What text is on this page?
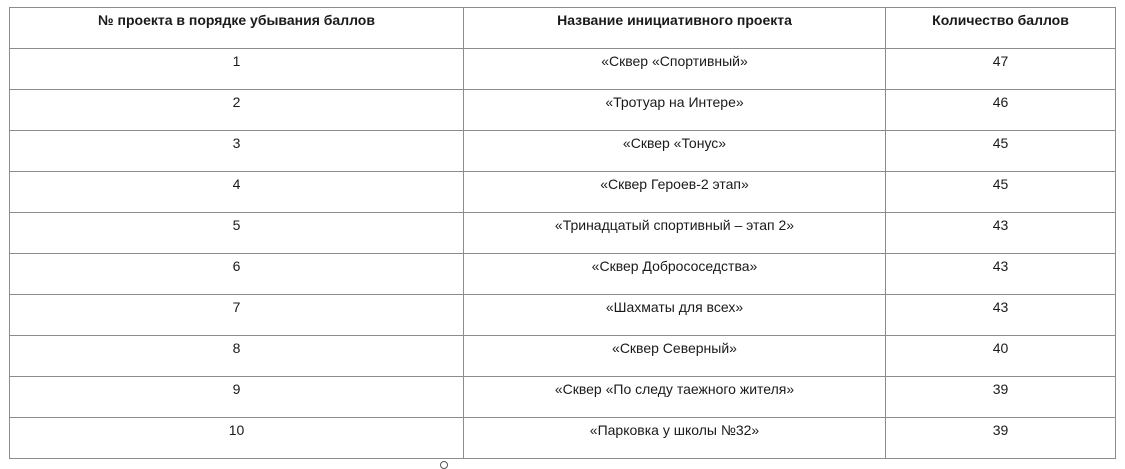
№ проекта в порядке убывания баллов	Название инициативного проекта	Количество баллов
1	«Сквер «Спортивный»	47
2	«Тротуар на Интере»	46
3	«Сквер «Тонус»	45
4	«Сквер Героев-2 этап»	45
5	«Тринадцатый спортивный – этап 2»	43
6	«Сквер Добрососедства»	43
7	«Шахматы для всех»	43
8	«Сквер Северный»	40
9	«Сквер «По следу таежного жителя»	39
10	«Парковка у школы №32»	39
